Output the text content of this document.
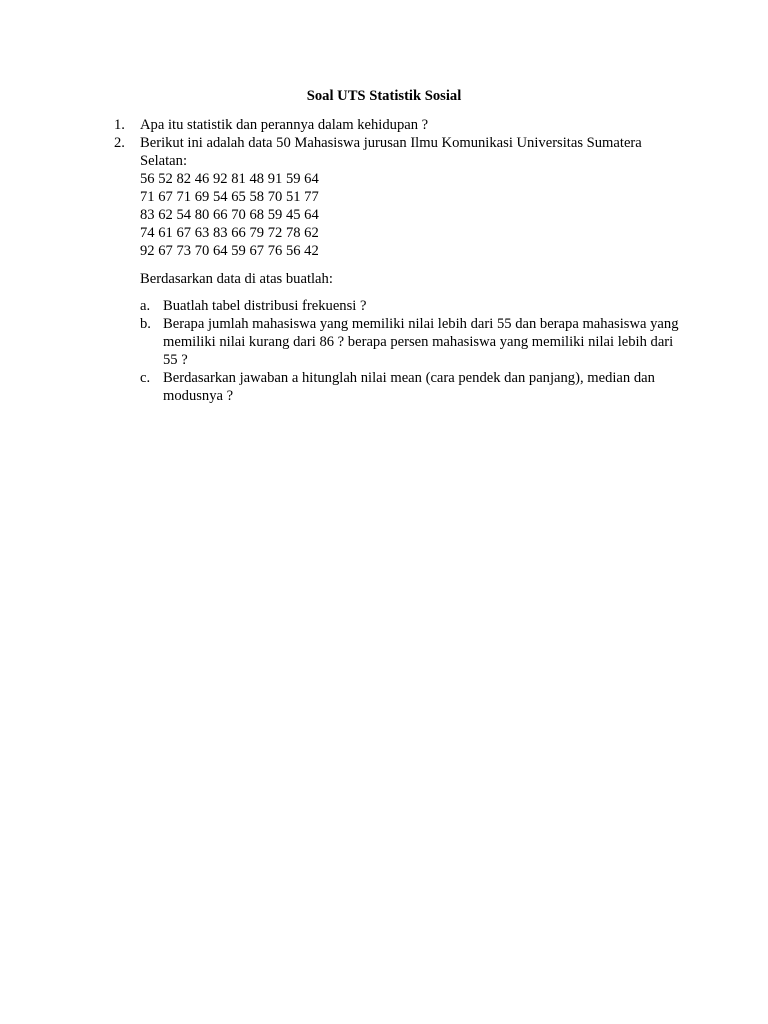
Soal UTS Statistik Sosial
1. Apa itu statistik dan perannya dalam kehidupan ?
2. Berikut ini adalah data 50 Mahasiswa jurusan Ilmu Komunikasi Universitas Sumatera Selatan:
56 52 82 46 92 81 48 91 59 64
71 67 71 69 54 65 58 70 51 77
83 62 54 80 66 70 68 59 45 64
74 61 67 63 83 66 79 72 78 62
92 67 73 70 64 59 67 76 56 42
Berdasarkan data di atas buatlah:
a. Buatlah tabel distribusi frekuensi ?
b. Berapa jumlah mahasiswa yang memiliki nilai lebih dari 55 dan berapa mahasiswa yang memiliki nilai kurang dari 86 ? berapa persen mahasiswa yang memiliki nilai lebih dari 55 ?
c. Berdasarkan jawaban a hitunglah nilai mean (cara pendek dan panjang), median dan modusnya ?
